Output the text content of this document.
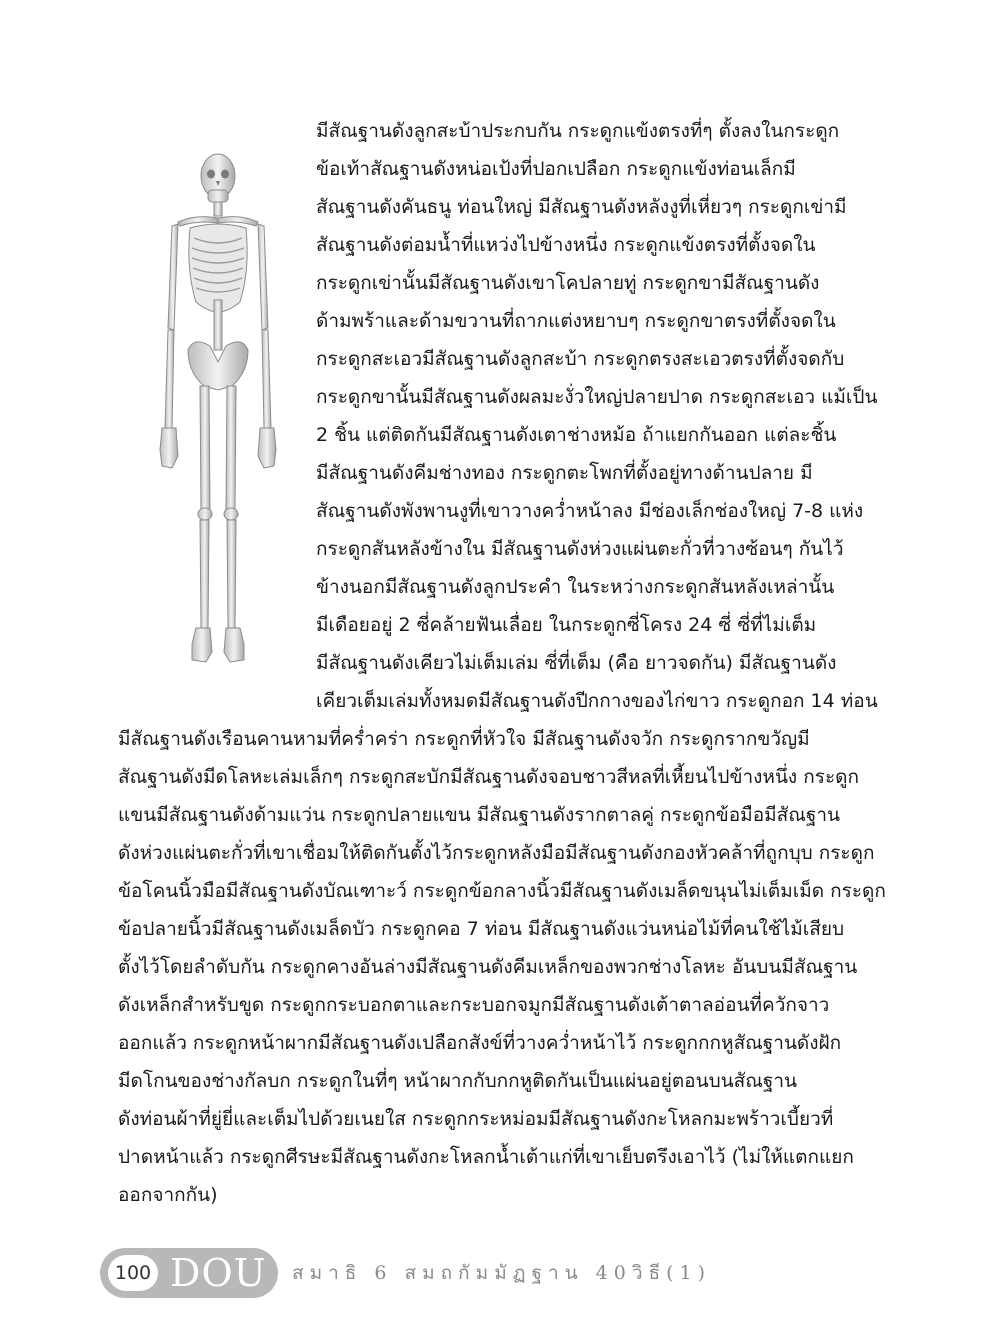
มีสัณฐานดังลูกสะบ้าประกบกัน กระดูกแข้งตรงที่ๆ ตั้งลงในกระดูก
ข้อเท้าสัณฐานดังหน่อเป้งที่ปอกเปลือก กระดูกแข้งท่อนเล็กมี
สัณฐานดังคันธนู ท่อนใหญ่ มีสัณฐานดังหลังงูที่เหี่ยวๆ กระดูกเข่ามี
สัณฐานดังต่อมน้ำที่แหว่งไปข้างหนึ่ง กระดูกแข้งตรงที่ตั้งจดใน
กระดูกเข่านั้นมีสัณฐานดังเขาโคปลายทู่ กระดูกขามีสัณฐานดัง
ด้ามพร้าและด้ามขวานที่ถากแต่งหยาบๆ กระดูกขาตรงที่ตั้งจดใน
กระดูกสะเอวมีสัณฐานดังลูกสะบ้า กระดูกตรงสะเอวตรงที่ตั้งจดกับ
กระดูกขานั้นมีสัณฐานดังผลมะงั่วใหญ่ปลายปาด กระดูกสะเอว แม้เป็น
2 ชิ้น แต่ติดกันมีสัณฐานดังเตาช่างหม้อ ถ้าแยกกันออก แต่ละชิ้น
มีสัณฐานดังคีมช่างทอง กระดูกตะโพกที่ตั้งอยู่ทางด้านปลาย มี
สัณฐานดังพังพานงูที่เขาวางคว่ำหน้าลง มีช่องเล็กช่องใหญ่ 7-8 แห่ง
กระดูกสันหลังข้างใน มีสัณฐานดังห่วงแผ่นตะกั่วที่วางซ้อนๆ กันไว้
ข้างนอกมีสัณฐานดังลูกประคำ ในระหว่างกระดูกสันหลังเหล่านั้น
มีเดือยอยู่ 2 ซี่คล้ายฟันเลื่อย ในกระดูกซี่โครง 24 ซี่ ซี่ที่ไม่เต็ม
มีสัณฐานดังเคียวไม่เต็มเล่ม ซี่ที่เต็ม (คือ ยาวจดกัน) มีสัณฐานดัง
เคียวเต็มเล่มทั้งหมดมีสัณฐานดังปีกกางของไก่ขาว กระดูกอก 14 ท่อน
มีสัณฐานดังเรือนคานหามที่คร่ำคร่า กระดูกที่หัวใจ มีสัณฐานดังจวัก กระดูกรากขวัญมี
สัณฐานดังมีดโลหะเล่มเล็กๆ กระดูกสะบักมีสัณฐานดังจอบชาวสีหลที่เหี้ยนไปข้างหนึ่ง กระดูก
แขนมีสัณฐานดังด้ามแว่น กระดูกปลายแขน มีสัณฐานดังรากตาลคู่ กระดูกข้อมือมีสัณฐาน
ดังห่วงแผ่นตะกั่วที่เขาเชื่อมให้ติดกันตั้งไว้กระดูกหลังมือมีสัณฐานดังกองหัวคล้าที่ถูกบุบ กระดูก
ข้อโคนนิ้วมือมีสัณฐานดังบัณเฑาะว์ กระดูกข้อกลางนิ้วมีสัณฐานดังเมล็ดขนุนไม่เต็มเม็ด กระดูก
ข้อปลายนิ้วมีสัณฐานดังเมล็ดบัว กระดูกคอ 7 ท่อน มีสัณฐานดังแว่นหน่อไม้ที่คนใช้ไม้เสียบ
ตั้งไว้โดยลำดับกัน กระดูกคางอันล่างมีสัณฐานดังคีมเหล็กของพวกช่างโลหะ อันบนมีสัณฐาน
ดังเหล็กสำหรับขูด กระดูกกระบอกตาและกระบอกจมูกมีสัณฐานดังเต้าตาลอ่อนที่ควักจาว
ออกแล้ว กระดูกหน้าผากมีสัณฐานดังเปลือกสังข์ที่วางคว่ำหน้าไว้ กระดูกกกหูสัณฐานดังฝัก
มีดโกนของช่างกัลบก กระดูกในที่ๆ หน้าผากกับกกหูติดกันเป็นแผ่นอยู่ตอนบนสัณฐาน
ดังท่อนผ้าที่ยู่ยี่และเต็มไปด้วยเนยใส กระดูกกระหม่อมมีสัณฐานดังกะโหลกมะพร้าวเบี้ยวที่
ปาดหน้าแล้ว กระดูกศีรษะมีสัณฐานดังกะโหลกน้ำเต้าแก่ที่เขาเย็บตรึงเอาไว้ (ไม่ให้แตกแยก
ออกจากกัน)
100 DOU สมาธิ 6 สมถกัมมัฏฐาน 40วิธี(1)
